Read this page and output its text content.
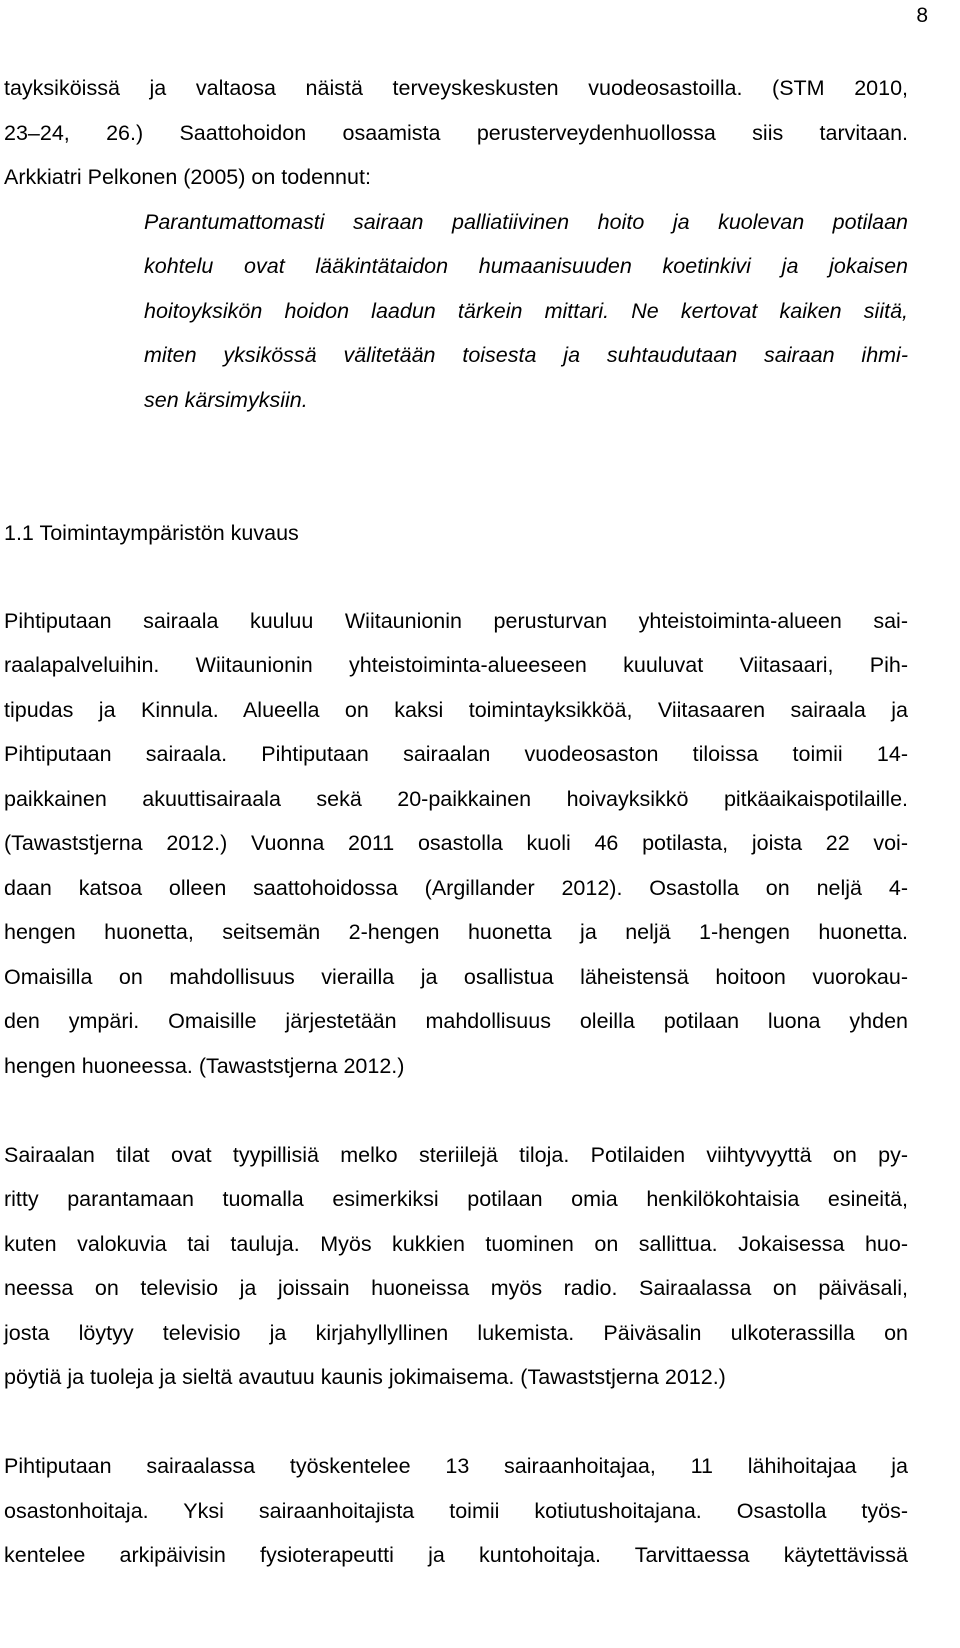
8
tayksiköissä ja valtaosa näistä terveyskeskusten vuodeosastoilla. (STM 2010,
23–24, 26.) Saattohoidon osaamista perusterveydenhuollossa siis tarvitaan.
Arkkiatri Pelkonen (2005) on todennut:
Parantumattomasti sairaan palliatiivinen hoito ja kuolevan potilaan
kohtelu ovat lääkintätaidon humaanisuuden koetinkivi ja jokaisen
hoitoyksikön hoidon laadun tärkein mittari. Ne kertovat kaiken siitä,
miten yksikössä välitetään toisesta ja suhtaudutaan sairaan ihmi-
sen kärsimyksiin.
1.1 Toimintaympäristön kuvaus
Pihtiputaan sairaala kuuluu Wiitaunionin perusturvan yhteistoiminta-alueen sai-
raalapalveluihin. Wiitaunionin yhteistoiminta-alueeseen kuuluvat Viitasaari, Pih-
tipudas ja Kinnula. Alueella on kaksi toimintayksikköä, Viitasaaren sairaala ja
Pihtiputaan sairaala. Pihtiputaan sairaalan vuodeosaston tiloissa toimii 14-
paikkainen akuuttisairaala sekä 20-paikkainen hoivayksikkö pitkäaikaispotilaille.
(Tawaststjerna 2012.) Vuonna 2011 osastolla kuoli 46 potilasta, joista 22 voi-
daan katsoa olleen saattohoidossa (Argillander 2012). Osastolla on neljä 4-
hengen huonetta, seitsemän 2-hengen huonetta ja neljä 1-hengen huonetta.
Omaisilla on mahdollisuus vierailla ja osallistua läheistensä hoitoon vuorokau-
den ympäri. Omaisille järjestetään mahdollisuus oleilla potilaan luona yhden
hengen huoneessa. (Tawaststjerna 2012.)
Sairaalan tilat ovat tyypillisiä melko steriilejä tiloja. Potilaiden viihtyvyyttä on py-
ritty parantamaan tuomalla esimerkiksi potilaan omia henkilökohtaisia esineitä,
kuten valokuvia tai tauluja. Myös kukkien tuominen on sallittua. Jokaisessa huo-
neessa on televisio ja joissain huoneissa myös radio. Sairaalassa on päiväsali,
josta löytyy televisio ja kirjahyllyllinen lukemista. Päiväsalin ulkoterassilla on
pöytiä ja tuoleja ja sieltä avautuu kaunis jokimaisema. (Tawaststjerna 2012.)
Pihtiputaan sairaalassa työskentelee 13 sairaanhoitajaa, 11 lähihoitajaa ja
osastonhoitaja. Yksi sairaanhoitajista toimii kotiutushoitajana. Osastolla työs-
kentelee arkipäivisin fysioterapeutti ja kuntohoitaja. Tarvittaessa käytettävissä
